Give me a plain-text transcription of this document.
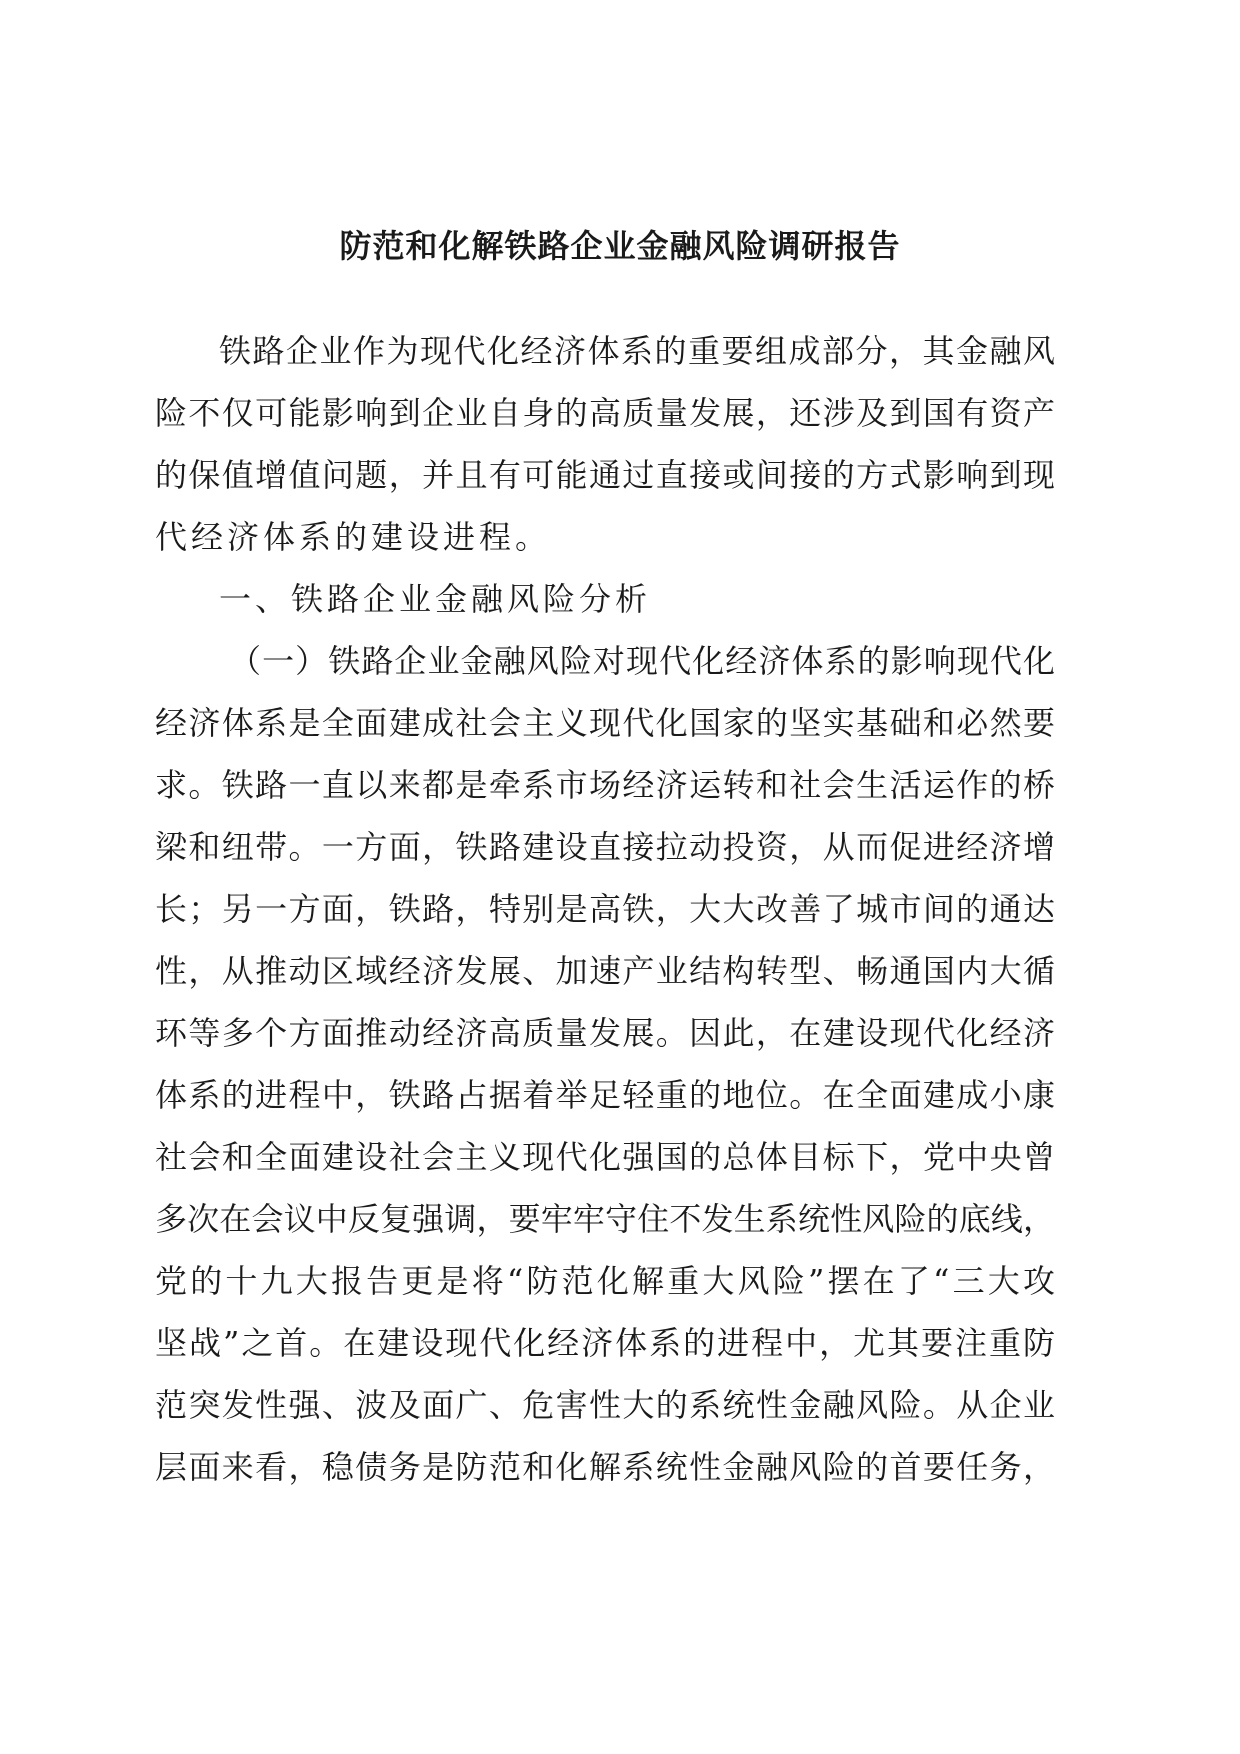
防范和化解铁路企业金融风险调研报告
铁路企业作为现代化经济体系的重要组成部分，其金融风
险不仅可能影响到企业自身的高质量发展，还涉及到国有资产
的保值增值问题，并且有可能通过直接或间接的方式影响到现
代经济体系的建设进程。
一、铁路企业金融风险分析
（一）铁路企业金融风险对现代化经济体系的影响现代化
经济体系是全面建成社会主义现代化国家的坚实基础和必然要
求。铁路一直以来都是牵系市场经济运转和社会生活运作的桥
梁和纽带。一方面，铁路建设直接拉动投资，从而促进经济增
长；另一方面，铁路，特别是高铁，大大改善了城市间的通达
性，从推动区域经济发展、加速产业结构转型、畅通国内大循
环等多个方面推动经济高质量发展。因此，在建设现代化经济
体系的进程中，铁路占据着举足轻重的地位。在全面建成小康
社会和全面建设社会主义现代化强国的总体目标下，党中央曾
多次在会议中反复强调，要牢牢守住不发生系统性风险的底线，
党的十九大报告更是将“防范化解重大风险”摆在了“三大攻
坚战”之首。在建设现代化经济体系的进程中，尤其要注重防
范突发性强、波及面广、危害性大的系统性金融风险。从企业
层面来看，稳债务是防范和化解系统性金融风险的首要任务，
